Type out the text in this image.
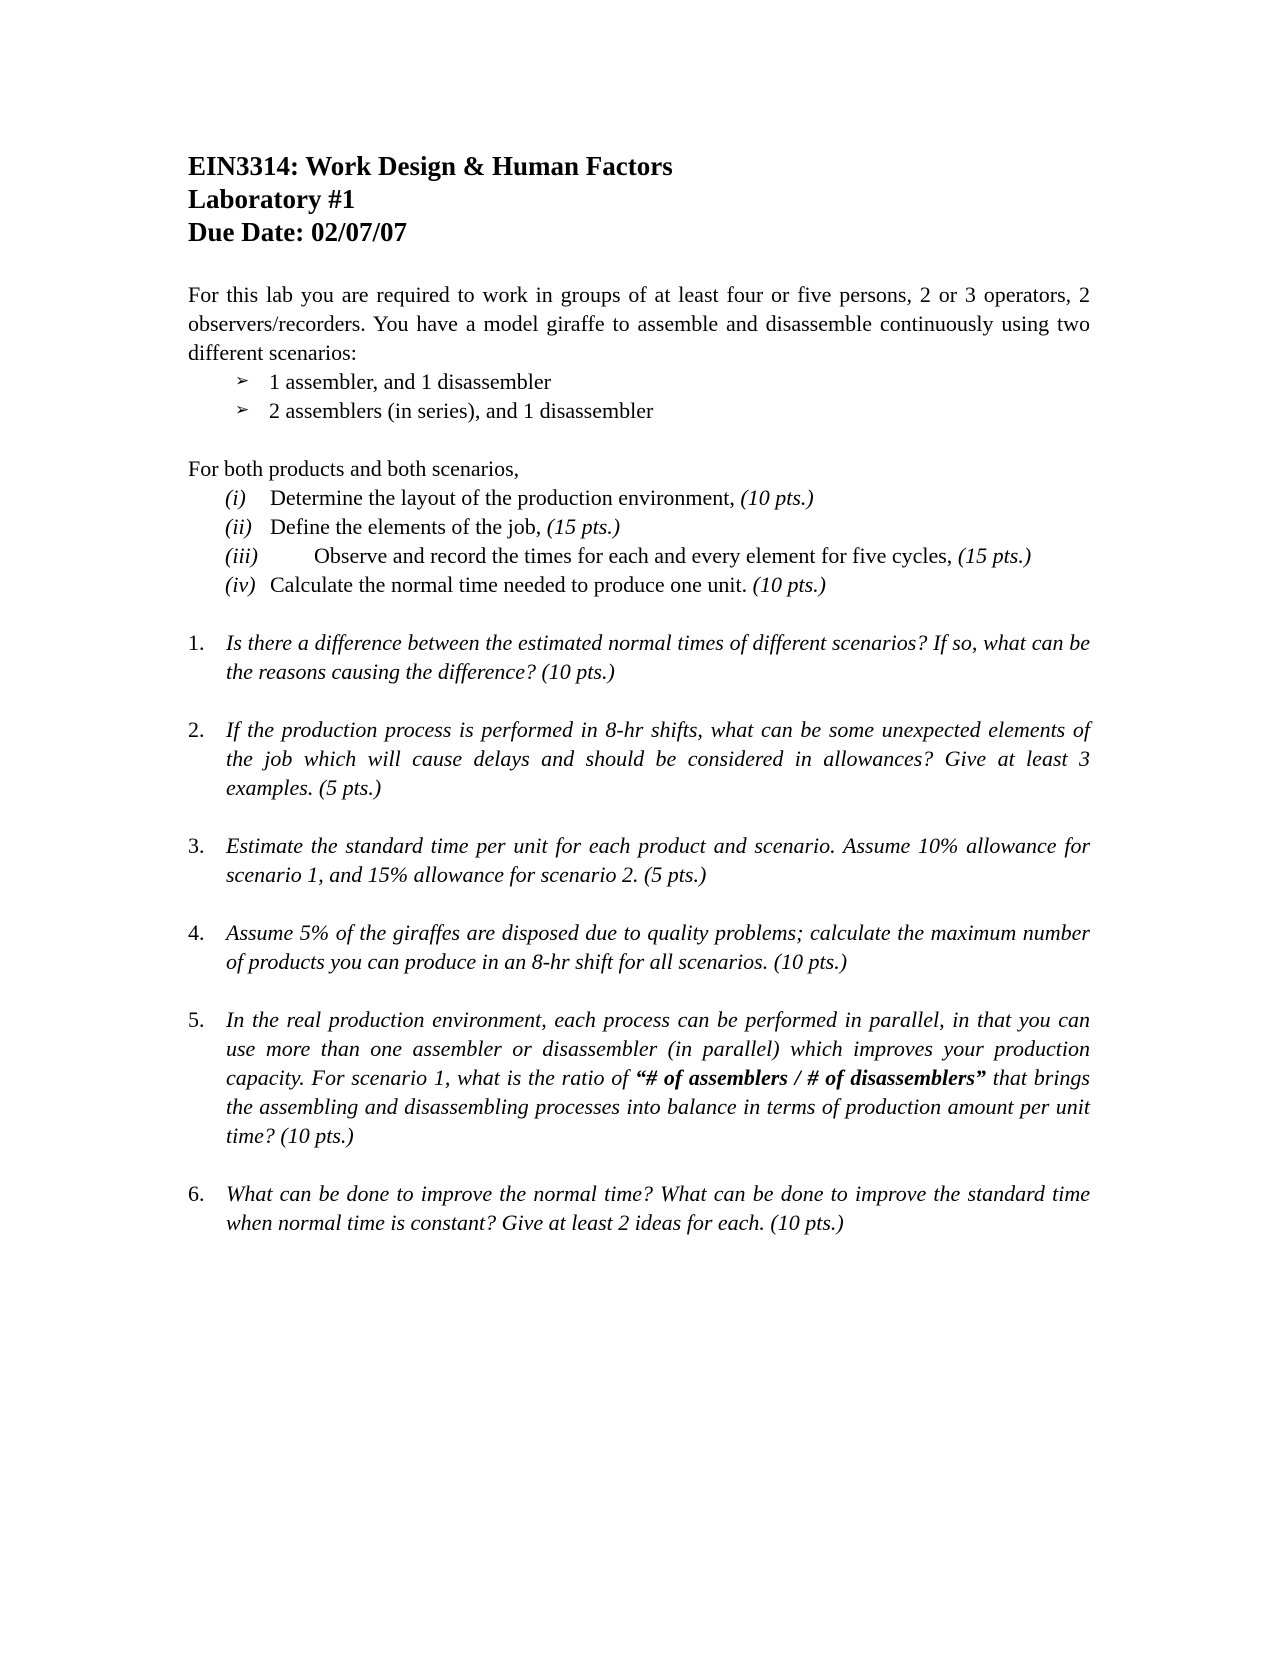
EIN3314: Work Design & Human Factors
Laboratory #1
Due Date: 02/07/07
For this lab you are required to work in groups of at least four or five persons, 2 or 3 operators, 2 observers/recorders. You have a model giraffe to assemble and disassemble continuously using two different scenarios:
➢ 1 assembler, and 1 disassembler
➢ 2 assemblers (in series), and 1 disassembler
For both products and both scenarios,
(i) Determine the layout of the production environment, (10 pts.)
(ii) Define the elements of the job, (15 pts.)
(iii)	Observe and record the times for each and every element for five cycles, (15 pts.)
(iv) Calculate the normal time needed to produce one unit. (10 pts.)
1. Is there a difference between the estimated normal times of different scenarios? If so, what can be the reasons causing the difference? (10 pts.)
2. If the production process is performed in 8-hr shifts, what can be some unexpected elements of the job which will cause delays and should be considered in allowances? Give at least 3 examples. (5 pts.)
3. Estimate the standard time per unit for each product and scenario. Assume 10% allowance for scenario 1, and 15% allowance for scenario 2. (5 pts.)
4. Assume 5% of the giraffes are disposed due to quality problems; calculate the maximum number of products you can produce in an 8-hr shift for all scenarios. (10 pts.)
5. In the real production environment, each process can be performed in parallel, in that you can use more than one assembler or disassembler (in parallel) which improves your production capacity. For scenario 1, what is the ratio of “# of assemblers / # of disassemblers” that brings the assembling and disassembling processes into balance in terms of production amount per unit time? (10 pts.)
6. What can be done to improve the normal time? What can be done to improve the standard time when normal time is constant? Give at least 2 ideas for each. (10 pts.)
